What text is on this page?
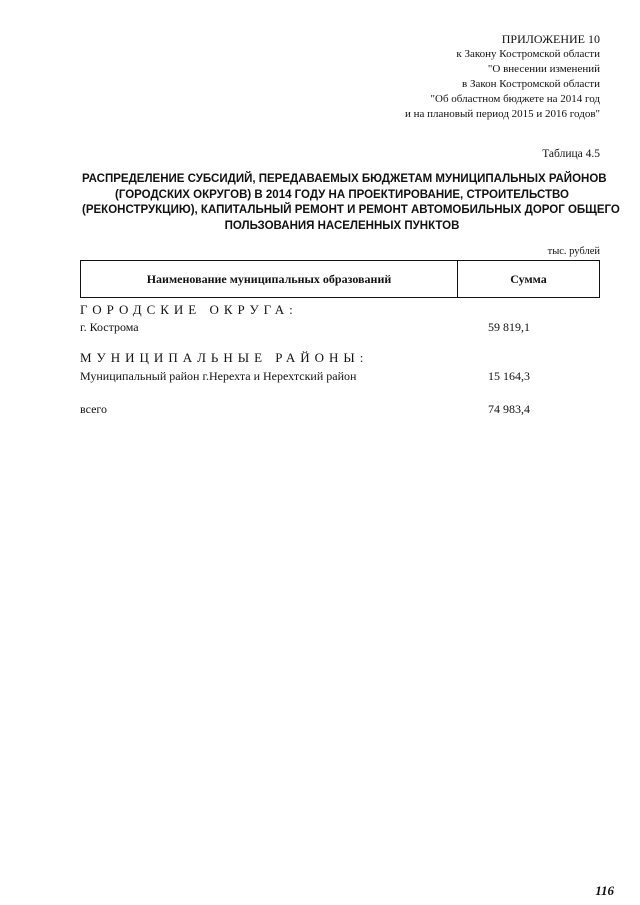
ПРИЛОЖЕНИЕ 10
к Закону Костромской области
"О внесении изменений
в Закон Костромской области
"Об областном бюджете на 2014 год
и на плановый период 2015 и 2016 годов"
Таблица 4.5
РАСПРЕДЕЛЕНИЕ СУБСИДИЙ, ПЕРЕДАВАЕМЫХ БЮДЖЕТАМ МУНИЦИПАЛЬНЫХ РАЙОНОВ
(ГОРОДСКИХ ОКРУГОВ) В 2014 ГОДУ НА ПРОЕКТИРОВАНИЕ, СТРОИТЕЛЬСТВО
(РЕКОНСТРУКЦИЮ), КАПИТАЛЬНЫЙ РЕМОНТ И РЕМОНТ АВТОМОБИЛЬНЫХ ДОРОГ ОБЩЕГО
ПОЛЬЗОВАНИЯ НАСЕЛЕННЫХ ПУНКТОВ
тыс. рублей
Наименование муниципальных образований	Сумма
ГОРОДСКИЕ ОКРУГА:
г. Кострома	59 819,1
МУНИЦИПАЛЬНЫЕ РАЙОНЫ:
Муниципальный район г.Нерехта и Нерехтский район	15 164,3
всего	74 983,4
116
